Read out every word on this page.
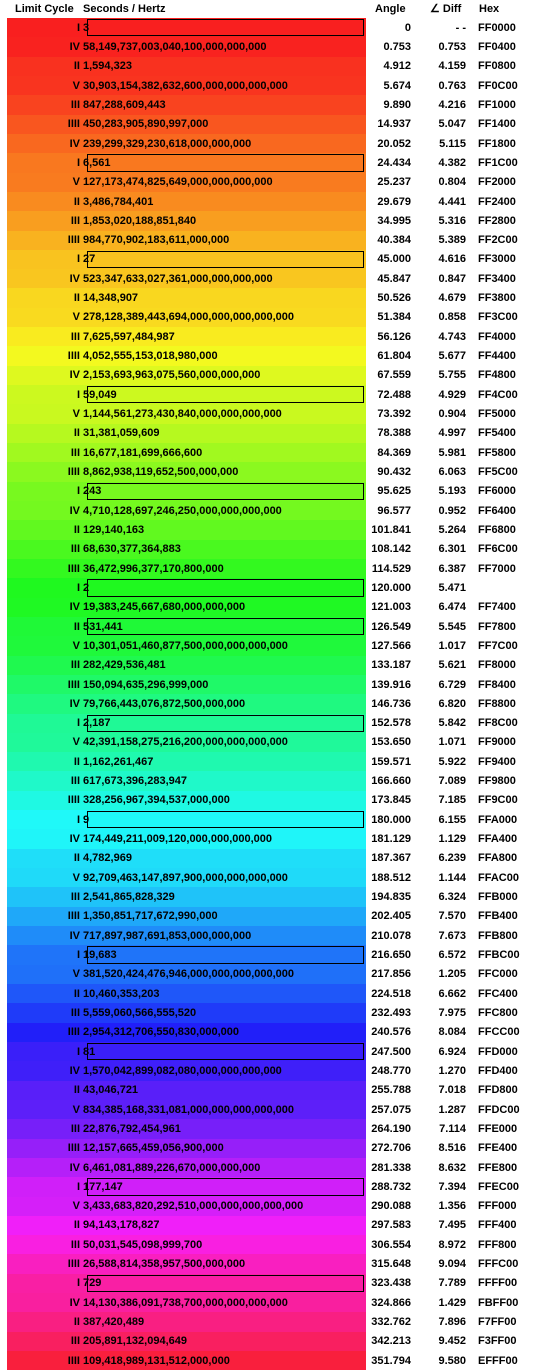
Limit Cycle Seconds / Hertz	Angle ∠ Diff Hex
I 3	0	- - FF0000
IV 58,149,737,003,040,100,000,000,000	0.753 0.753 FF0400
II 1,594,323	4.912 4.159 FF0800
V 30,903,154,382,632,600,000,000,000,000	5.674 0.763 FF0C00
III 847,288,609,443	9.890 4.216 FF1000
IIII 450,283,905,890,997,000	14.937 5.047 FF1400
IV 239,299,329,230,618,000,000,000	20.052	5.115 FF1800
I 6,561	24.434 4.382 FF1C00
V 127,173,474,825,649,000,000,000,000	25.237 0.804 FF2000
II 3,486,784,401	29.679 4.441 FF2400
III 1,853,020,188,851,840	34.995 5.316 FF2800
IIII 984,770,902,183,611,000,000	40.384 5.389 FF2C00
I 27	45.000 4.616 FF3000
IV 523,347,633,027,361,000,000,000,000	45.847 0.847 FF3400
II 14,348,907	50.526 4.679 FF3800
V 278,128,389,443,694,000,000,000,000,000	51.384 0.858 FF3C00
III 7,625,597,484,987	56.126 4.743 FF4000
IIII 4,052,555,153,018,980,000	61.804 5.677 FF4400
IV 2,153,693,963,075,560,000,000,000	67.559 5.755 FF4800
I 59,049	72.488 4.929 FF4C00
V 1,144,561,273,430,840,000,000,000,000	73.392 0.904 FF5000
II 31,381,059,609	78.388 4.997 FF5400
III 16,677,181,699,666,600	84.369 5.981 FF5800
IIII 8,862,938,119,652,500,000,000	90.432 6.063 FF5C00
I 243	95.625 5.193 FF6000
IV 4,710,128,697,246,250,000,000,000,000	96.577 0.952 FF6400
II 129,140,163	101.841 5.264 FF6800
III 68,630,377,364,883	108.142 6.301 FF6C00
IIII 36,472,996,377,170,800,000	114.529 6.387 FF7000
I 2	120.000 5.471
IV 19,383,245,667,680,000,000,000	121.003 6.474 FF7400
II 531,441	126.549 5.545 FF7800
V 10,301,051,460,877,500,000,000,000,000	127.566 1.017 FF7C00
III 282,429,536,481	133.187 5.621 FF8000
IIII 150,094,635,296,999,000	139.916 6.729 FF8400
IV 79,766,443,076,872,500,000,000	146.736 6.820 FF8800
I 2,187	152.578 5.842 FF8C00
V 42,391,158,275,216,200,000,000,000,000	153.650 1.071 FF9000
II 1,162,261,467	159.571 5.922 FF9400
III 617,673,396,283,947	166.660 7.089 FF9800
IIII 328,256,967,394,537,000,000	173.845 7.185 FF9C00
I 9	180.000 6.155 FFA000
IV 174,449,211,009,120,000,000,000,000	181.129 1.129 FFA400
II 4,782,969	187.367 6.239 FFA800
V 92,709,463,147,897,900,000,000,000,000	188.512 1.144 FFAC00
III 2,541,865,828,329	194.835 6.324 FFB000
IIII 1,350,851,717,672,990,000	202.405 7.570 FFB400
IV 717,897,987,691,853,000,000,000	210.078 7.673 FFB800
I 19,683	216.650 6.572 FFBC00
V 381,520,424,476,946,000,000,000,000,000	217.856 1.205 FFC000
II 10,460,353,203	224.518 6.662 FFC400
III 5,559,060,566,555,520	232.493 7.975 FFC800
IIII 2,954,312,706,550,830,000,000	240.576 8.084 FFCC00
I 81	247.500 6.924 FFD000
IV 1,570,042,899,082,080,000,000,000,000	248.770 1.270 FFD400
II 43,046,721	255.788 7.018 FFD800
V 834,385,168,331,081,000,000,000,000,000	257.075 1.287 FFDC00
III 22,876,792,454,961	264.190	7.114 FFE000
IIII 12,157,665,459,056,900,000	272.706 8.516 FFE400
IV 6,461,081,889,226,670,000,000,000	281.338 8.632 FFE800
I 177,147	288.732 7.394 FFEC00
V 3,433,683,820,292,510,000,000,000,000,000	290.088 1.356 FFF000
II 94,143,178,827	297.583 7.495 FFF400
III 50,031,545,098,999,700	306.554 8.972 FFF800
IIII 26,588,814,358,957,500,000,000	315.648 9.094 FFFC00
I 729	323.438 7.789 FFFF00
IV 14,130,386,091,738,700,000,000,000,000	324.866 1.429 FBFF00
II 387,420,489	332.762 7.896 F7FF00
III 205,891,132,094,649	342.213 9.452 F3FF00
IIII 109,418,989,131,512,000,000	351.794 9.580 EFFF00
